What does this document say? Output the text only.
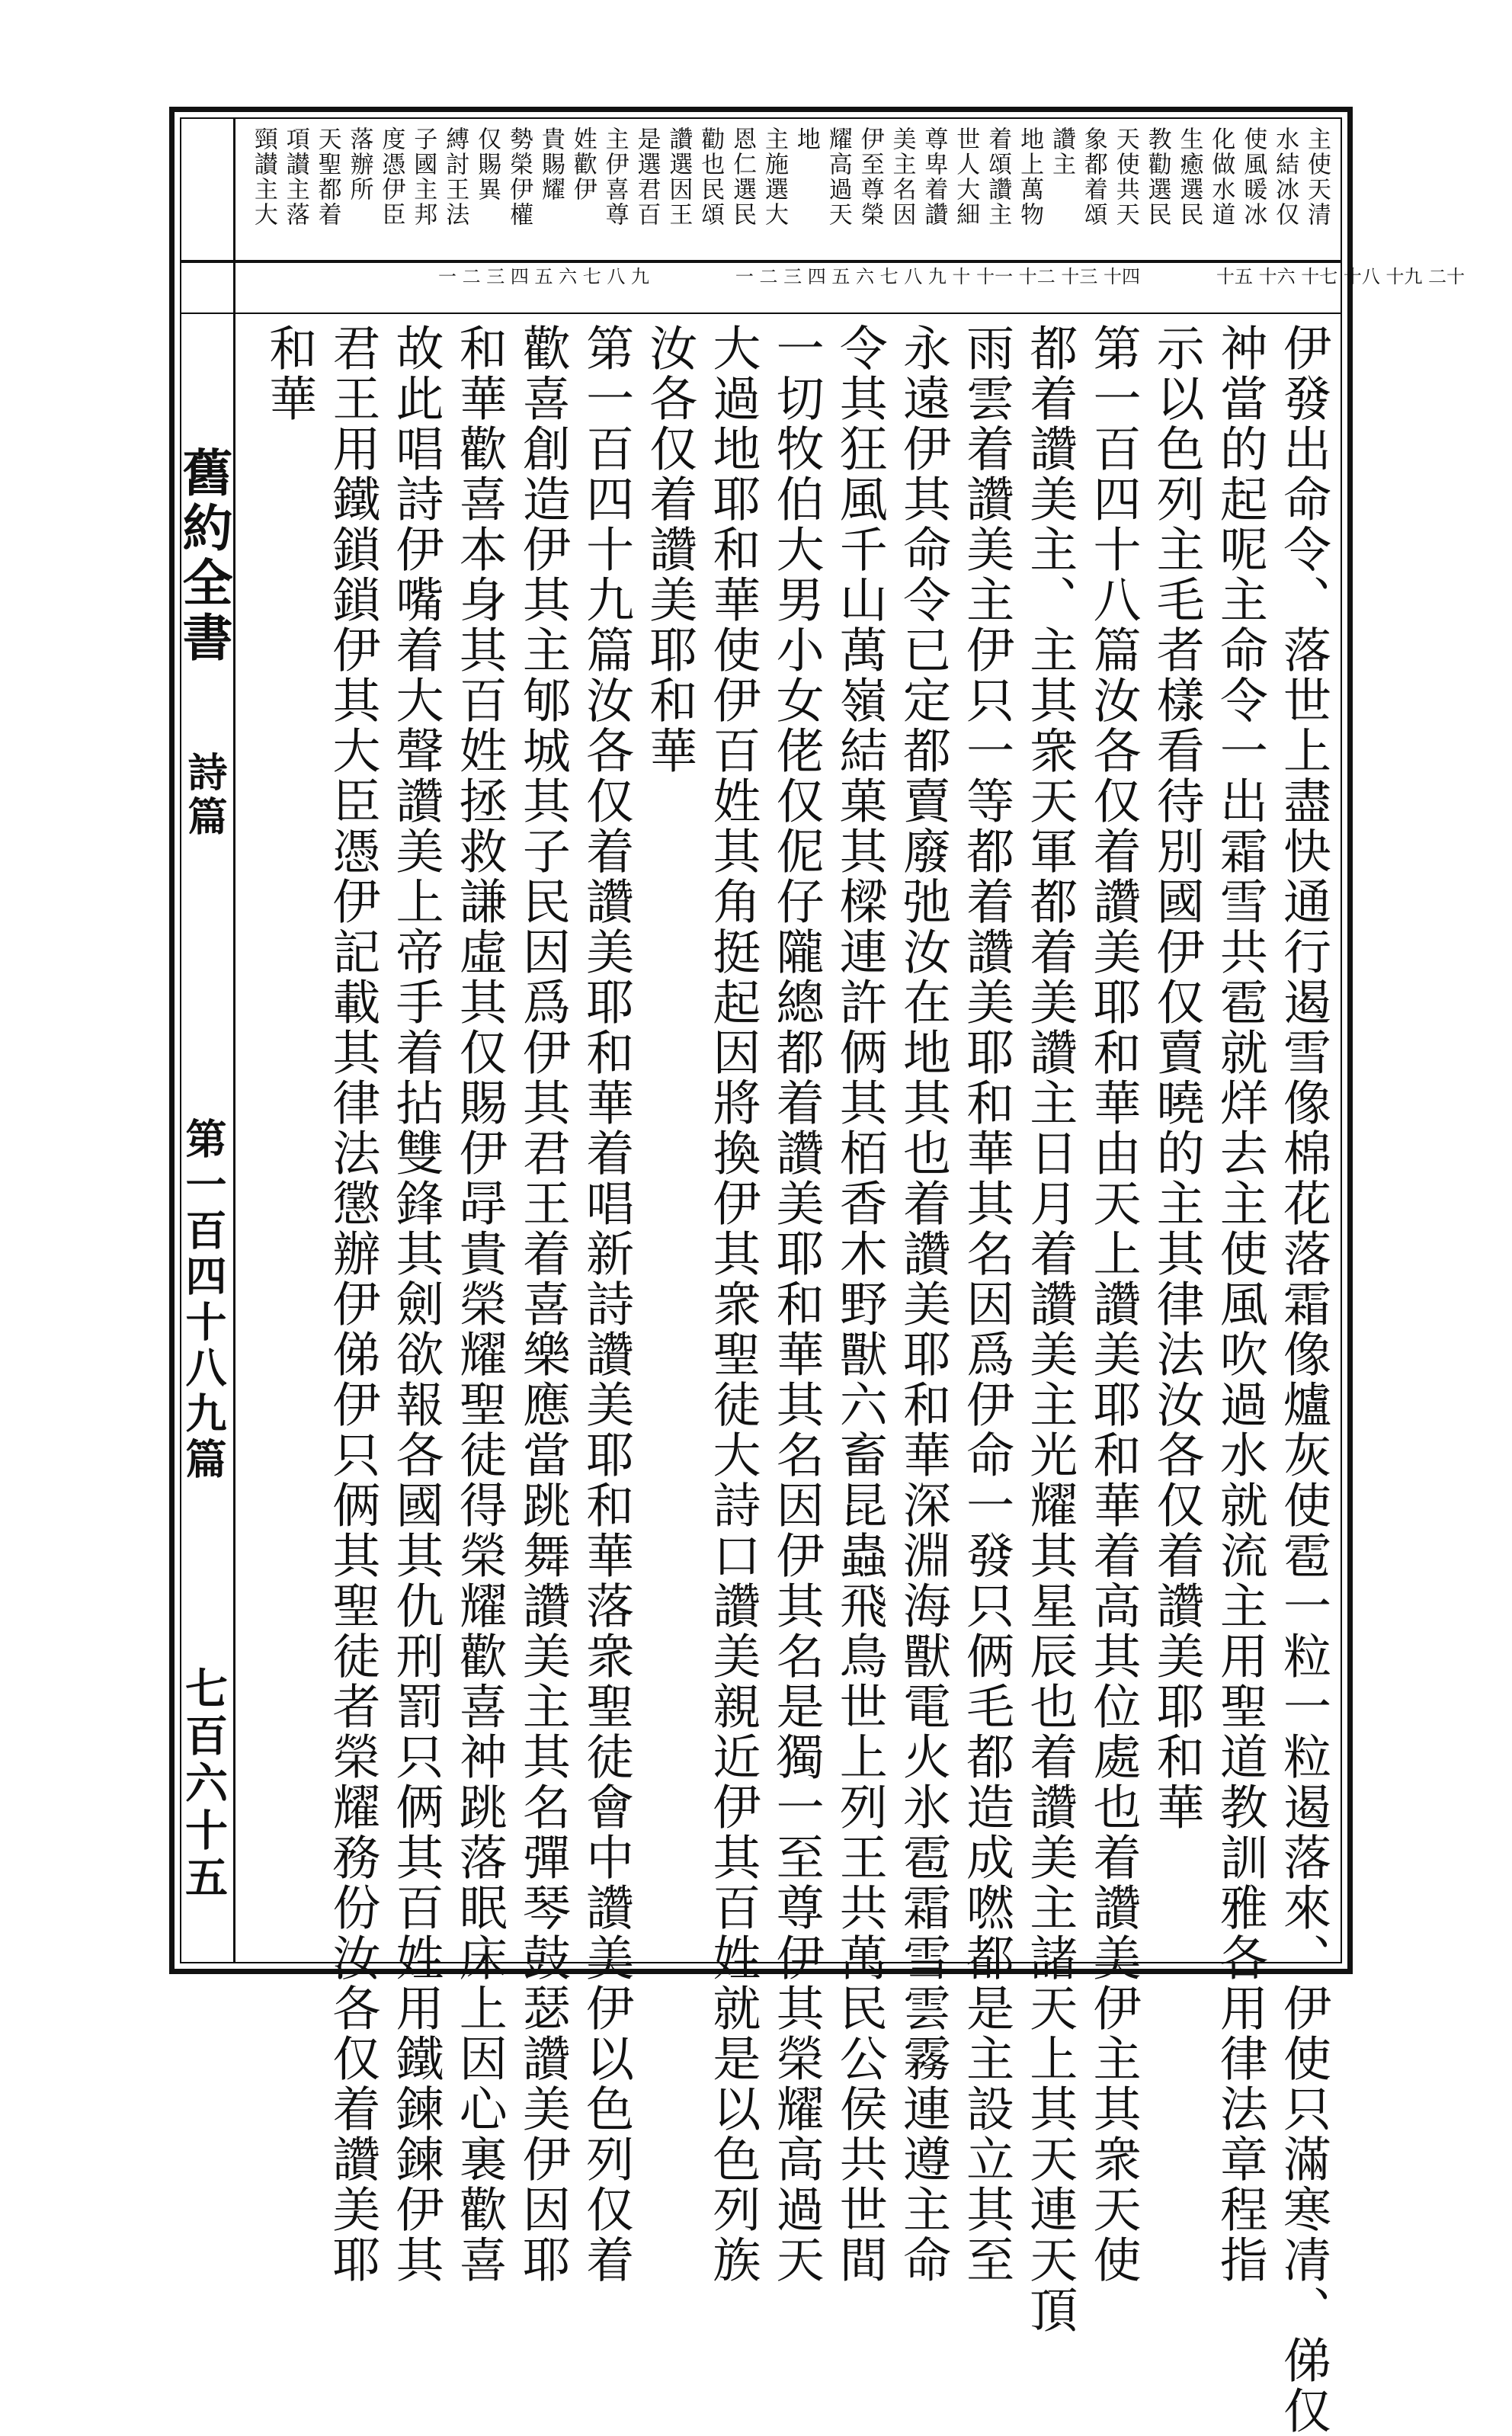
主使天清
水結冰仅
使風暖冰
化做水道
生癒選民
教勸選民
天使共天
象都着頌
讚主
地上萬物
着頌讚主
世人大細
尊卑着讚
美主名因
伊至尊榮
耀高過天
地
主施選大
恩仁選民
勸也民頌
讚選因王
是選君百
主伊喜尊
姓歡伊
貴賜耀
勢榮伊權
仅賜異
縛討王法
子國主邦
度憑伊臣
落辦所
天聖都着
項讃主落
頸讃主大
十五 十六 十七 十八 十九 二十
一 二 三 四 五 六 七 八 九 十 十一 十二 十三 十四
一 二 三 四 五 六 七 八 九
舊約全書
詩篇
第一百四十八九篇
七百六十五	伊發出命令、落世上盡快通行遏雪像棉花落霜像爐灰使雹一粒一粒遏落來、伊使只滿寒凊、俤仅
衶當的起呢主命令一出霜雪共雹就烊去主使風吹過水就流主用聖道教訓雅各用律法章程指
示以色列主毛者樣看待別國伊仅賣曉的主其律法汝各仅着讚美耶和華
第一百四十八篇汝各仅着讚美耶和華由天上讚美耶和華着高其位處也着讚美伊主其衆天使
都着讚美主、主其衆天軍都着美讚主日月着讚美主光耀其星辰也着讚美主諸天上其天連天頂
雨雲着讚美主伊只一等都着讚美耶和華其名因爲伊命一發只俩毛都造成嘫都是主設立其至
永遠伊其命令已定都賣廢弛汝在地其也着讚美耶和華深淵海獸電火氷雹霜雪雲霧連遵主命
令其狂風千山萬嶺結菓其樑連許俩其栢香木野獸六畜昆蟲飛鳥世上列王共萬民公侯共世間
一切牧伯大男小女佬仅伲仔隴總都着讚美耶和華其名因伊其名是獨一至尊伊其榮耀高過天
大過地耶和華使伊百姓其角挺起因將換伊其衆聖徒大詩口讚美親近伊其百姓就是以色列族
汝各仅着讚美耶和華
第一百四十九篇汝各仅着讚美耶和華着唱新詩讚美耶和華落衆聖徒會中讚美伊以色列仅着
歡喜創造伊其主郇城其子民因爲伊其君王着喜樂應當跳舞讚美主其名彈琴鼓瑟讚美伊因耶
和華歡喜本身其百姓拯救謙虛其仅賜伊冔貴榮耀聖徒得榮耀歡喜衶跳落眠床上因心裏歡喜
故此唱詩伊嘴着大聲讚美上帝手着拈雙鋒其劍欲報各國其仇刑罰只俩其百姓用鐵鍊鍊伊其
君王用鐵鎖鎖伊其大臣憑伊記載其律法懲辦伊俤伊只俩其聖徒者榮耀務份汝各仅着讚美耶
和華
